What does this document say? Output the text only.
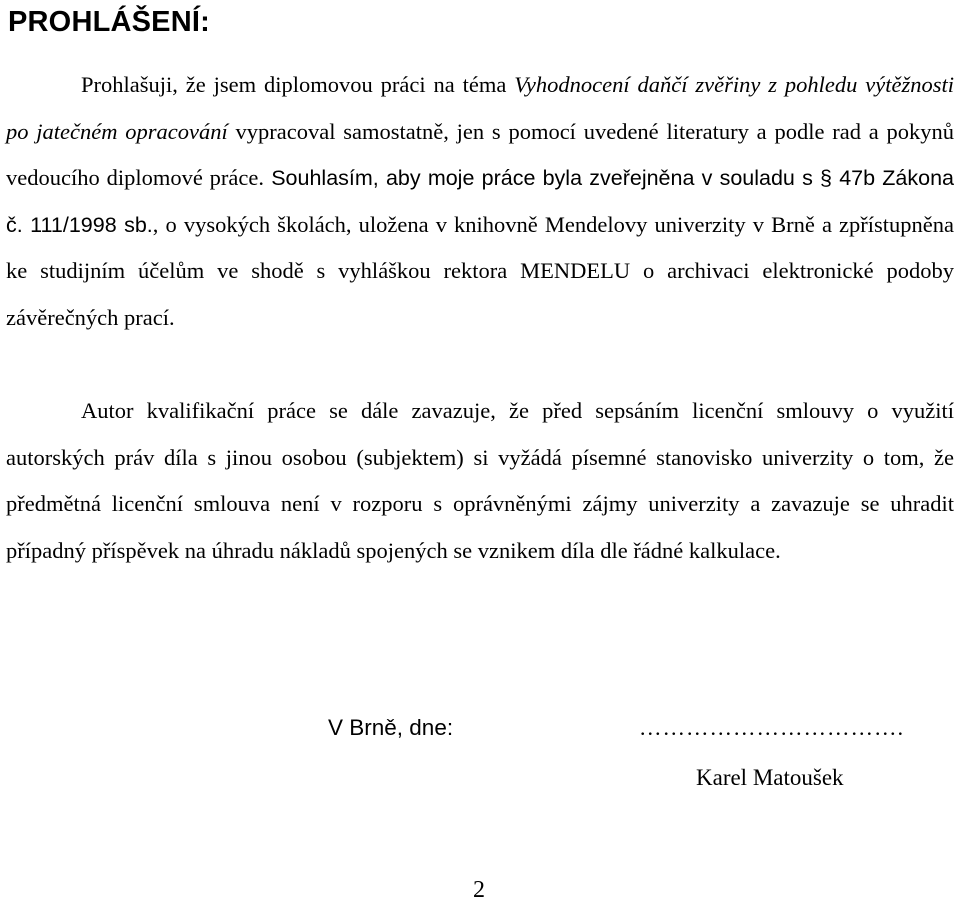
PROHLÁŠENÍ:

Prohlašuji, že jsem diplomovou práci na téma Vyhodnocení daňčí zvěřiny z pohledu výtěžnosti po jatečném opracování vypracoval samostatně, jen s pomocí uvedené literatury a podle rad a pokynů vedoucího diplomové práce. Souhlasím, aby moje práce byla zveřejněna v souladu s § 47b Zákona č. 111/1998 sb., o vysokých školách, uložena v knihovně Mendelovy univerzity v Brně a zpřístupněna ke studijním účelům ve shodě s vyhláškou rektora MENDELU o archivaci elektronické podoby závěrečných prací.

Autor kvalifikační práce se dále zavazuje, že před sepsáním licenční smlouvy o využití autorských práv díla s jinou osobou (subjektem) si vyžádá písemné stanovisko univerzity o tom, že předmětná licenční smlouva není v rozporu s oprávněnými zájmy univerzity a zavazuje se uhradit případný příspěvek na úhradu nákladů spojených se vznikem díla dle řádné kalkulace.

V Brně, dne:	…………………………….
Karel Matoušek
2
